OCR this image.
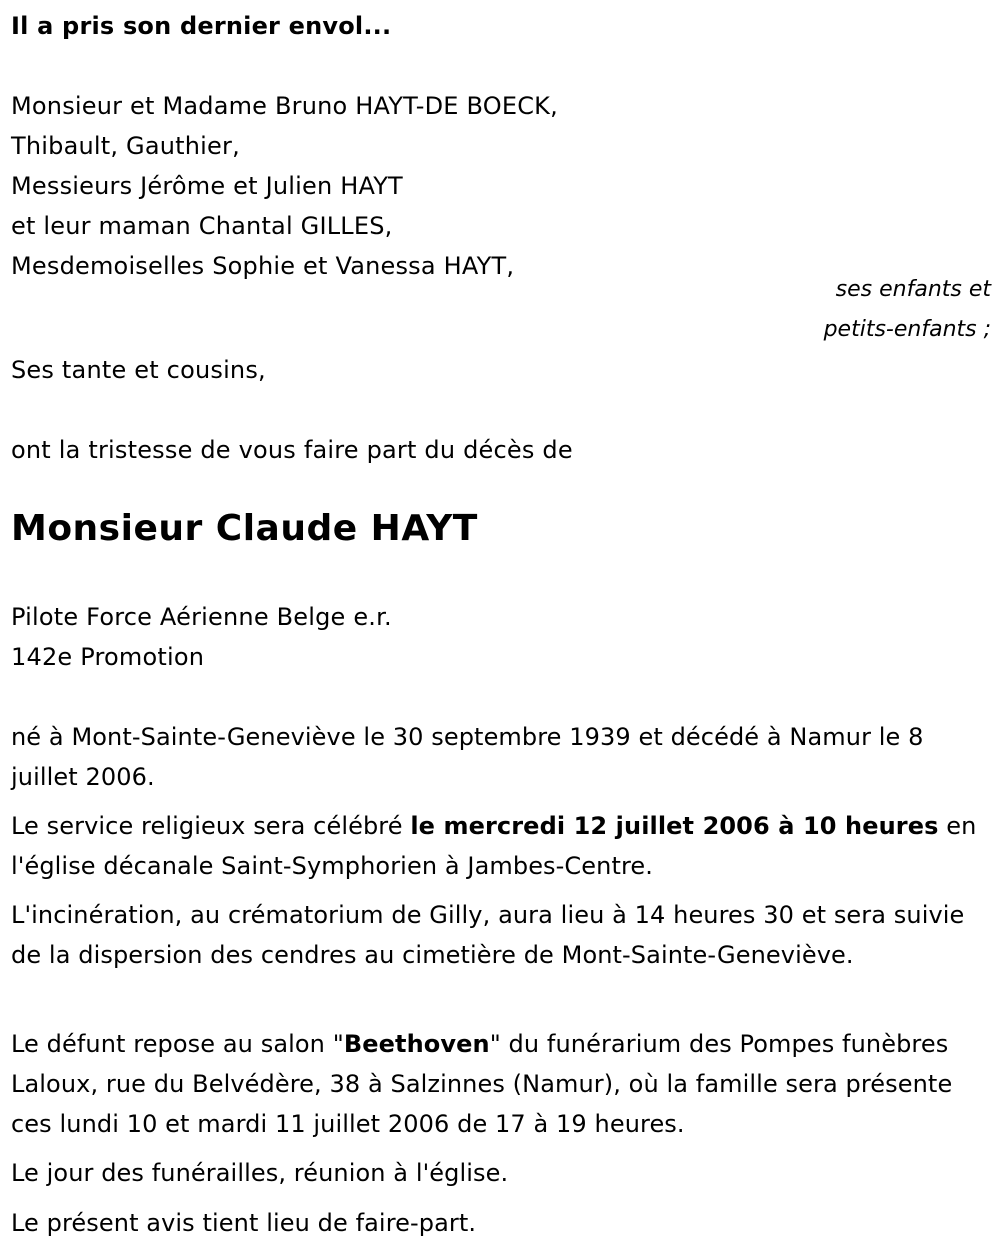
Il a pris son dernier envol...
Monsieur et Madame Bruno HAYT-DE BOECK,
Thibault, Gauthier,
Messieurs Jérôme et Julien HAYT
et leur maman Chantal GILLES,
Mesdemoiselles Sophie et Vanessa HAYT,
ses enfants et
petits-enfants ;
Ses tante et cousins,
ont la tristesse de vous faire part du décès de
Monsieur Claude HAYT
Pilote Force Aérienne Belge e.r.
142e Promotion
né à Mont-Sainte-Geneviève le 30 septembre 1939 et décédé à Namur le 8 juillet 2006.
Le service religieux sera célébré le mercredi 12 juillet 2006 à 10 heures en l'église décanale Saint-Symphorien à Jambes-Centre.
L'incinération, au crématorium de Gilly, aura lieu à 14 heures 30 et sera suivie de la dispersion des cendres au cimetière de Mont-Sainte-Geneviève.
Le défunt repose au salon "Beethoven" du funérarium des Pompes funèbres Laloux, rue du Belvédère, 38 à Salzinnes (Namur), où la famille sera présente ces lundi 10 et mardi 11 juillet 2006 de 17 à 19 heures.
Le jour des funérailles, réunion à l'église.
Le présent avis tient lieu de faire-part.
